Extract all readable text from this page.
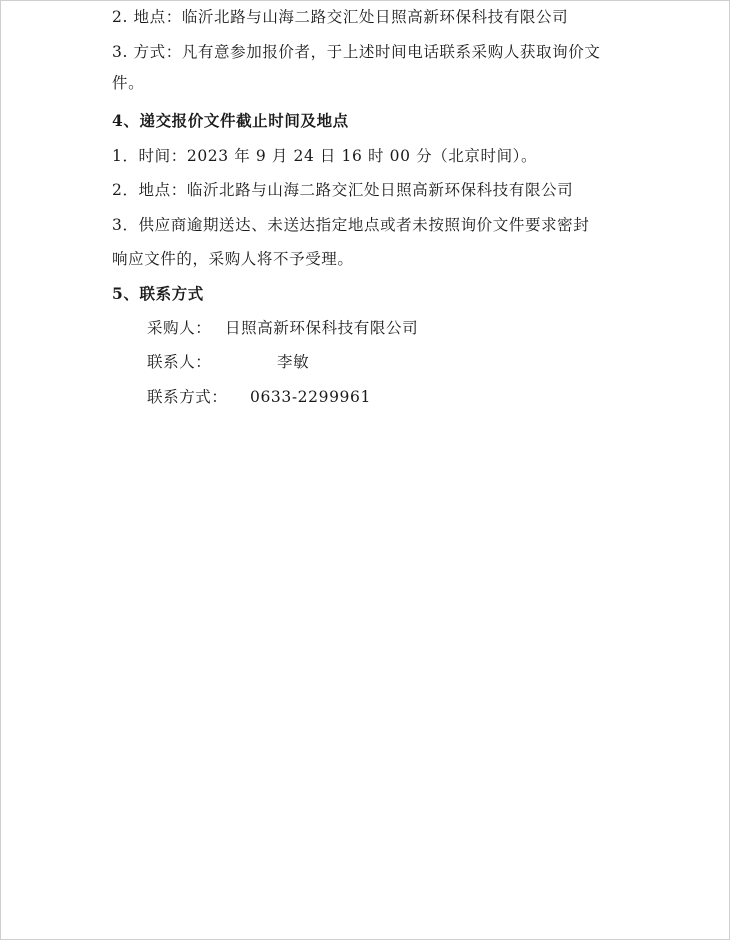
2. 地点：临沂北路与山海二路交汇处日照高新环保科技有限公司
3. 方式：凡有意参加报价者，于上述时间电话联系采购人获取询价文
件。
4、递交报价文件截止时间及地点
1．时间：2023 年 9 月 24 日 16 时 00 分（北京时间）。
2．地点：临沂北路与山海二路交汇处日照高新环保科技有限公司
3．供应商逾期送达、未送达指定地点或者未按照询价文件要求密封
响应文件的，采购人将不予受理。
5、联系方式
采购人： 日照高新环保科技有限公司
联系人：	李敏
联系方式： 0633-2299961
